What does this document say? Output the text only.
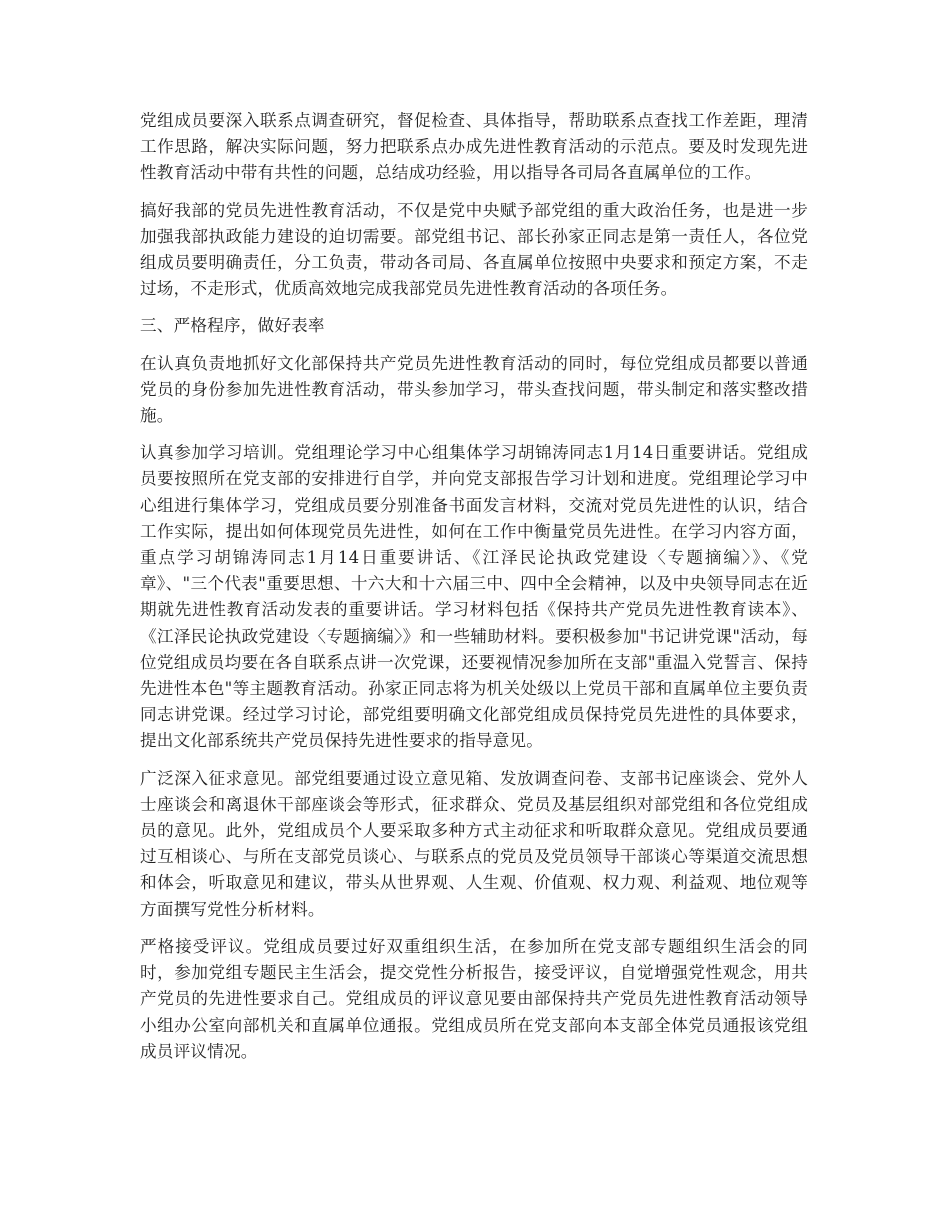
党组成员要深入联系点调查研究，督促检查、具体指导，帮助联系点查找工作差距，理清工作思路，解决实际问题，努力把联系点办成先进性教育活动的示范点。要及时发现先进性教育活动中带有共性的问题，总结成功经验，用以指导各司局各直属单位的工作。

搞好我部的党员先进性教育活动，不仅是党中央赋予部党组的重大政治任务，也是进一步加强我部执政能力建设的迫切需要。部党组书记、部长孙家正同志是第一责任人，各位党组成员要明确责任，分工负责，带动各司局、各直属单位按照中央要求和预定方案，不走过场，不走形式，优质高效地完成我部党员先进性教育活动的各项任务。

三、严格程序，做好表率

在认真负责地抓好文化部保持共产党员先进性教育活动的同时，每位党组成员都要以普通党员的身份参加先进性教育活动，带头参加学习，带头查找问题，带头制定和落实整改措施。

认真参加学习培训。党组理论学习中心组集体学习胡锦涛同志1月14日重要讲话。党组成员要按照所在党支部的安排进行自学，并向党支部报告学习计划和进度。党组理论学习中心组进行集体学习，党组成员要分别准备书面发言材料，交流对党员先进性的认识，结合工作实际，提出如何体现党员先进性，如何在工作中衡量党员先进性。在学习内容方面，重点学习胡锦涛同志1月14日重要讲话、《江泽民论执政党建设〈专题摘编〉》、《党章》、"三个代表"重要思想、十六大和十六届三中、四中全会精神，以及中央领导同志在近期就先进性教育活动发表的重要讲话。学习材料包括《保持共产党员先进性教育读本》、《江泽民论执政党建设〈专题摘编〉》和一些辅助材料。要积极参加"书记讲党课"活动，每位党组成员均要在各自联系点讲一次党课，还要视情况参加所在支部"重温入党誓言、保持先进性本色"等主题教育活动。孙家正同志将为机关处级以上党员干部和直属单位主要负责同志讲党课。经过学习讨论，部党组要明确文化部党组成员保持党员先进性的具体要求，提出文化部系统共产党员保持先进性要求的指导意见。

广泛深入征求意见。部党组要通过设立意见箱、发放调查问卷、支部书记座谈会、党外人士座谈会和离退休干部座谈会等形式，征求群众、党员及基层组织对部党组和各位党组成员的意见。此外，党组成员个人要采取多种方式主动征求和听取群众意见。党组成员要通过互相谈心、与所在支部党员谈心、与联系点的党员及党员领导干部谈心等渠道交流思想和体会，听取意见和建议，带头从世界观、人生观、价值观、权力观、利益观、地位观等方面撰写党性分析材料。

严格接受评议。党组成员要过好双重组织生活，在参加所在党支部专题组织生活会的同时，参加党组专题民主生活会，提交党性分析报告，接受评议，自觉增强党性观念，用共产党员的先进性要求自己。党组成员的评议意见要由部保持共产党员先进性教育活动领导小组办公室向部机关和直属单位通报。党组成员所在党支部向本支部全体党员通报该党组成员评议情况。
